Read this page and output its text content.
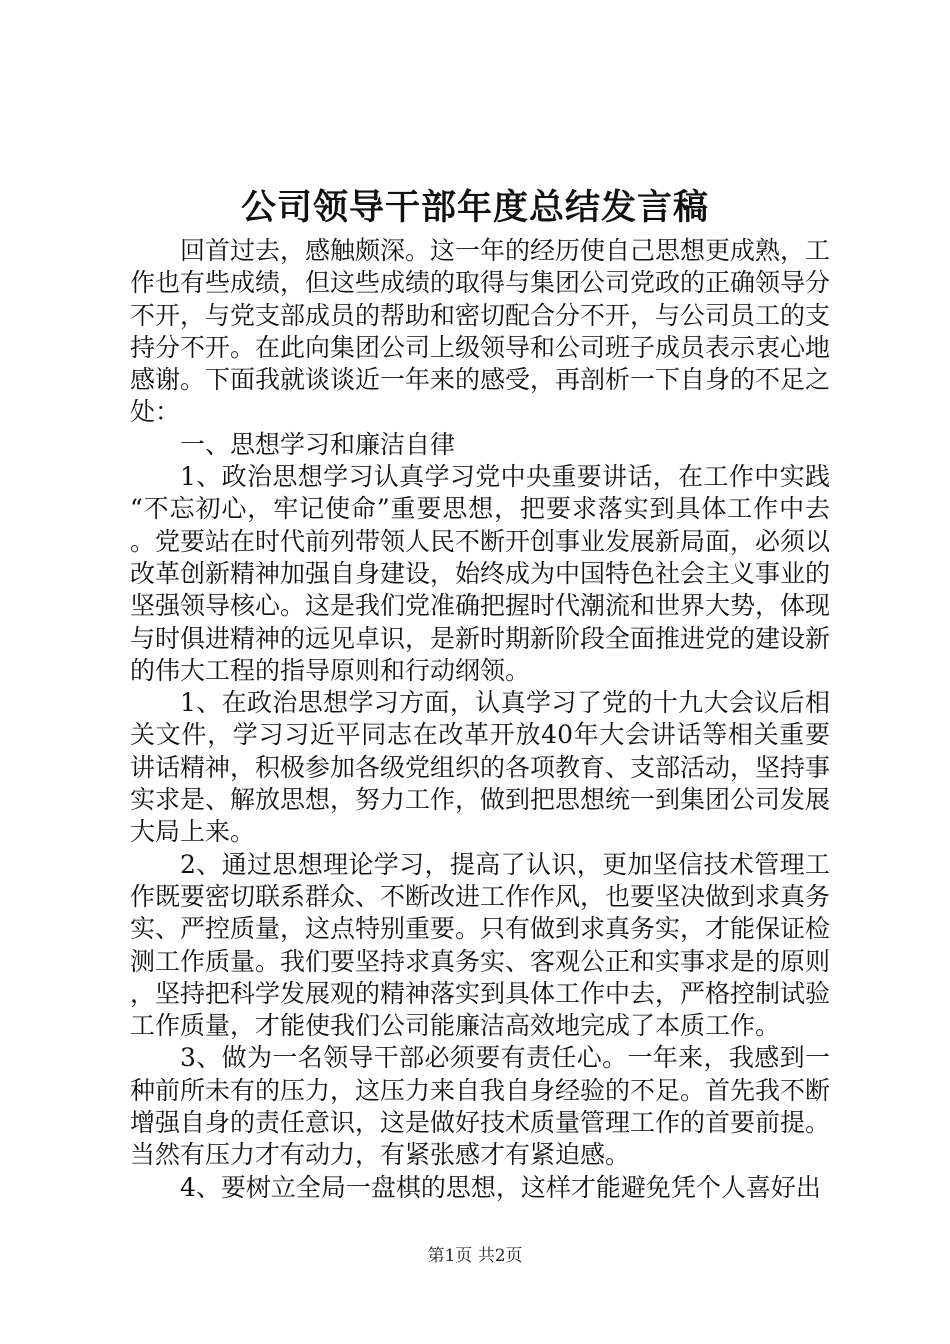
公司领导干部年度总结发言稿

回首过去，感触颇深。这一年的经历使自己思想更成熟，工作也有些成绩，但这些成绩的取得与集团公司党政的正确领导分不开，与党支部成员的帮助和密切配合分不开，与公司员工的支持分不开。在此向集团公司上级领导和公司班子成员表示衷心地感谢。下面我就谈谈近一年来的感受，再剖析一下自身的不足之处：

一、思想学习和廉洁自律

1、政治思想学习认真学习党中央重要讲话，在工作中实践“不忘初心，牢记使命”重要思想，把要求落实到具体工作中去。党要站在时代前列带领人民不断开创事业发展新局面，必须以改革创新精神加强自身建设，始终成为中国特色社会主义事业的坚强领导核心。这是我们党准确把握时代潮流和世界大势，体现与时俱进精神的远见卓识，是新时期新阶段全面推进党的建设新的伟大工程的指导原则和行动纲领。

1、在政治思想学习方面，认真学习了党的十九大会议后相关文件，学习习近平同志在改革开放40年大会讲话等相关重要讲话精神，积极参加各级党组织的各项教育、支部活动，坚持事实求是、解放思想，努力工作，做到把思想统一到集团公司发展大局上来。

2、通过思想理论学习，提高了认识，更加坚信技术管理工作既要密切联系群众、不断改进工作作风，也要坚决做到求真务实、严控质量，这点特别重要。只有做到求真务实，才能保证检测工作质量。我们要坚持求真务实、客观公正和实事求是的原则，坚持把科学发展观的精神落实到具体工作中去，严格控制试验工作质量，才能使我们公司能廉洁高效地完成了本质工作。

3、做为一名领导干部必须要有责任心。一年来，我感到一种前所未有的压力，这压力来自我自身经验的不足。首先我不断增强自身的责任意识，这是做好技术质量管理工作的首要前提。当然有压力才有动力，有紧张感才有紧迫感。

4、要树立全局一盘棋的思想，这样才能避免凭个人喜好出

第1页 共2页
